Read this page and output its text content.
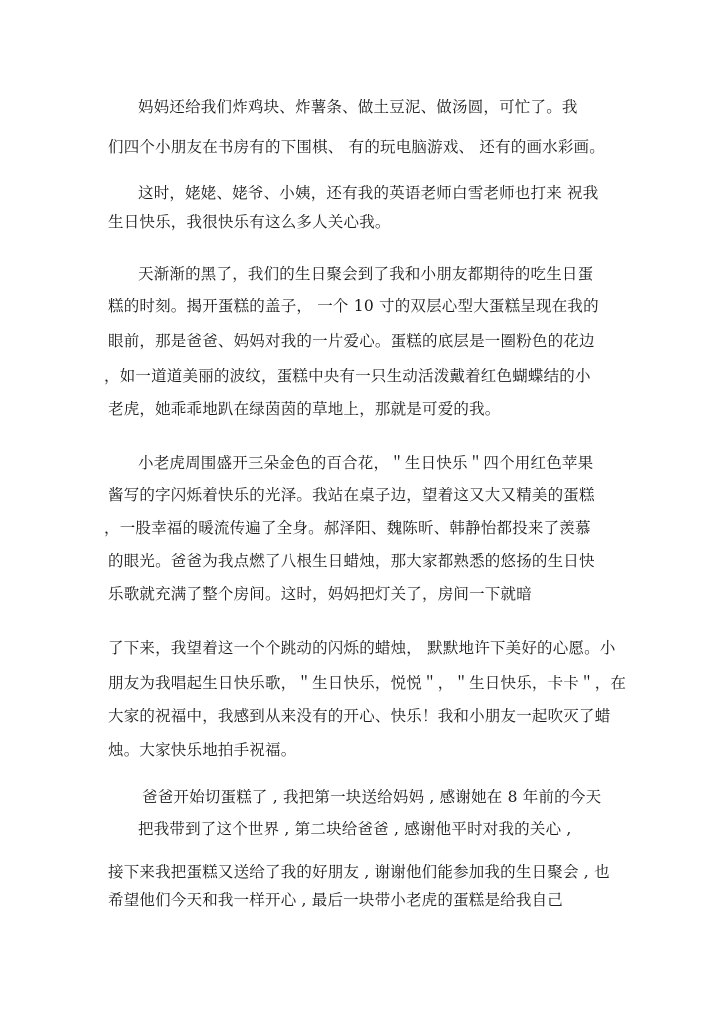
妈妈还给我们炸鸡块、炸薯条、做土豆泥、做汤圆，可忙了。我

们四个小朋友在书房有的下围棋、 有的玩电脑游戏、 还有的画水彩画。

这时，姥姥、姥爷、小姨，还有我的英语老师白雪老师也打来 祝我

生日快乐，我很快乐有这么多人关心我。

天渐渐的黑了，我们的生日聚会到了我和小朋友都期待的吃生日蛋

糕的时刻。揭开蛋糕的盖子， 一个 10 寸的双层心型大蛋糕呈现在我的

眼前，那是爸爸、妈妈对我的一片爱心。蛋糕的底层是一圈粉色的花边

，如一道道美丽的波纹，蛋糕中央有一只生动活泼戴着红色蝴蝶结的小

老虎，她乖乖地趴在绿茵茵的草地上，那就是可爱的我。

小老虎周围盛开三朵金色的百合花，＂生日快乐＂四个用红色苹果

酱写的字闪烁着快乐的光泽。我站在桌子边，望着这又大又精美的蛋糕

，一股幸福的暖流传遍了全身。郝泽阳、魏陈昕、韩静怡都投来了羡慕

的眼光。爸爸为我点燃了八根生日蜡烛，那大家都熟悉的悠扬的生日快

乐歌就充满了整个房间。这时，妈妈把灯关了，房间一下就暗

了下来，我望着这一个个跳动的闪烁的蜡烛， 默默地许下美好的心愿。小

朋友为我唱起生日快乐歌，＂生日快乐，悦悦＂，＂生日快乐，卡卡＂，在

大家的祝福中，我感到从来没有的开心、快乐！我和小朋友一起吹灭了蜡

烛。大家快乐地拍手祝福。

爸爸开始切蛋糕了 , 我把第一块送给妈妈 , 感谢她在 8 年前的今天

把我带到了这个世界 , 第二块给爸爸 , 感谢他平时对我的关心 ,

接下来我把蛋糕又送给了我的好朋友 , 谢谢他们能参加我的生日聚会 , 也

希望他们今天和我一样开心 , 最后一块带小老虎的蛋糕是给我自己
